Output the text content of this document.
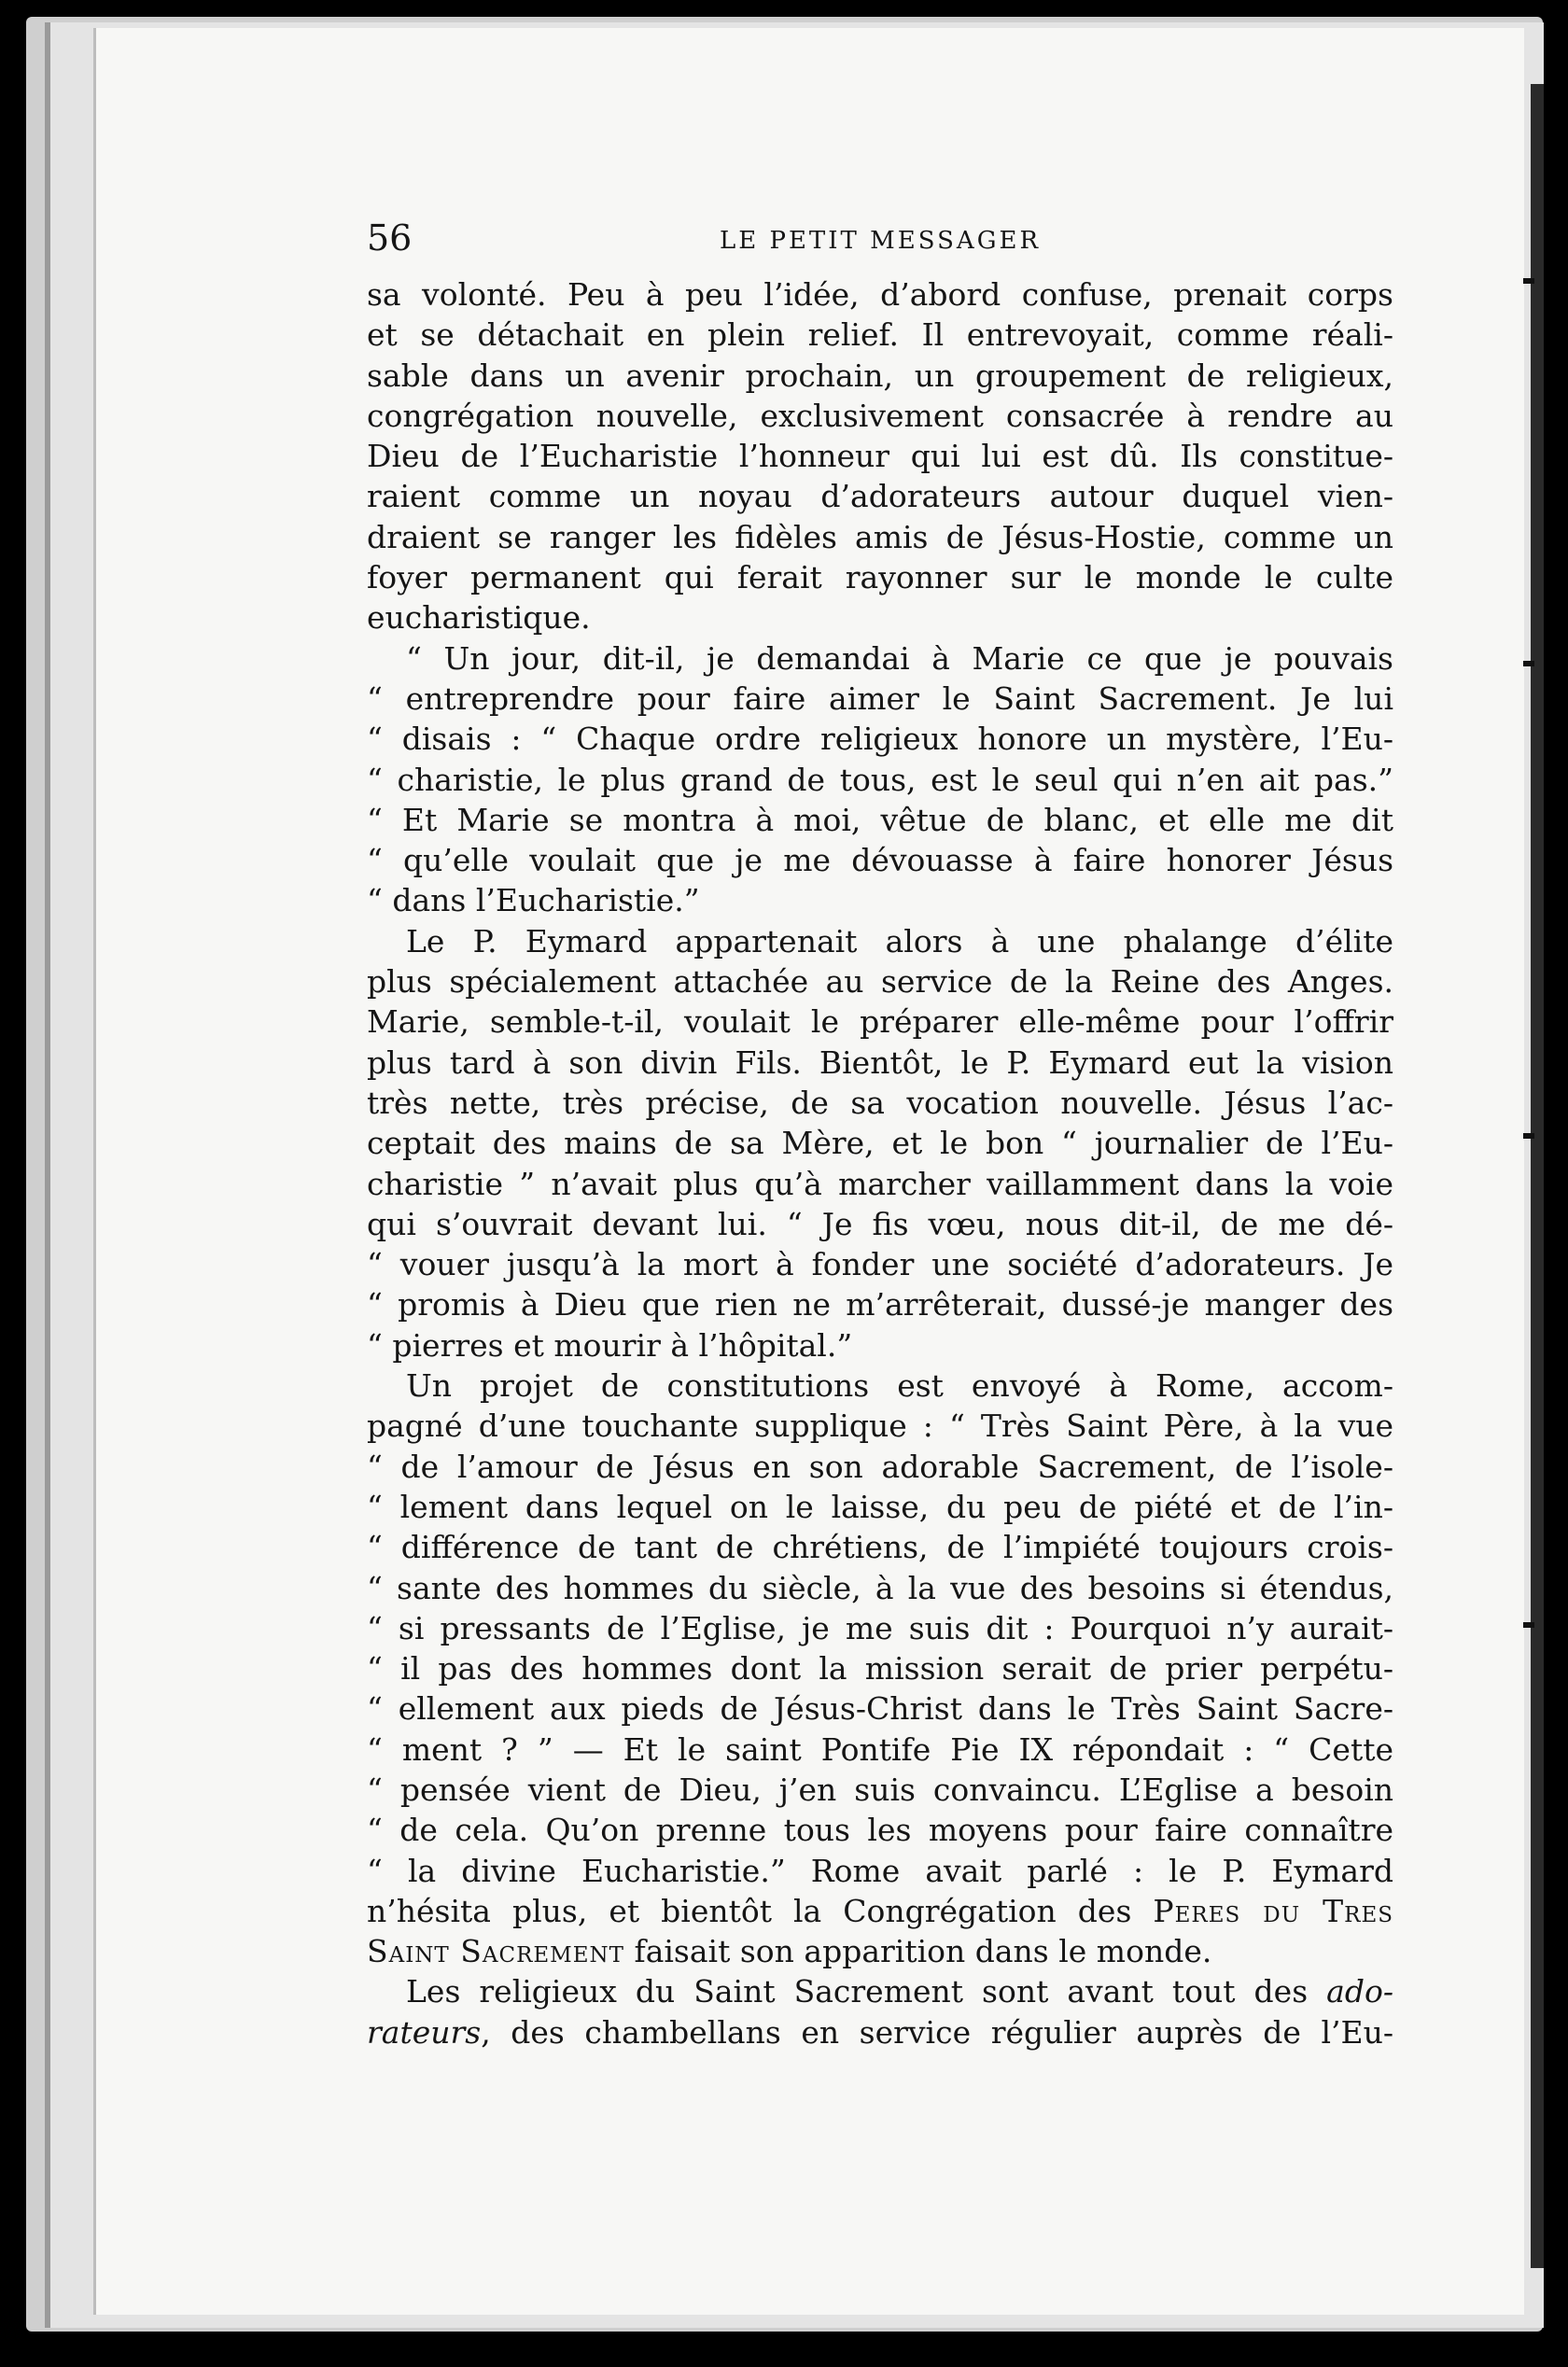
56	LE PETIT MESSAGER

sa volonté. Peu à peu l’idée, d’abord confuse, prenait corps
et se détachait en plein relief. Il entrevoyait, comme réali-
sable dans un avenir prochain, un groupement de religieux,
congrégation nouvelle, exclusivement consacrée à rendre au
Dieu de l’Eucharistie l’honneur qui lui est dû. Ils constitue-
raient comme un noyau d’adorateurs autour duquel vien-
draient se ranger les fidèles amis de Jésus-Hostie, comme un
foyer permanent qui ferait rayonner sur le monde le culte
eucharistique.

“ Un jour, dit-il, je demandai à Marie ce que je pouvais
“ entreprendre pour faire aimer le Saint Sacrement. Je lui
“ disais : “ Chaque ordre religieux honore un mystère, l’Eu-
“ charistie, le plus grand de tous, est le seul qui n’en ait pas.”
“ Et Marie se montra à moi, vêtue de blanc, et elle me dit
“ qu’elle voulait que je me dévouasse à faire honorer Jésus
“ dans l’Eucharistie.”

Le P. Eymard appartenait alors à une phalange d’élite
plus spécialement attachée au service de la Reine des Anges.
Marie, semble-t-il, voulait le préparer elle-même pour l’offrir
plus tard à son divin Fils. Bientôt, le P. Eymard eut la vision
très nette, très précise, de sa vocation nouvelle. Jésus l’ac-
ceptait des mains de sa Mère, et le bon “ journalier de l’Eu-
charistie ” n’avait plus qu’à marcher vaillamment dans la voie
qui s’ouvrait devant lui. “ Je fis vœu, nous dit-il, de me dé-
“ vouer jusqu’à la mort à fonder une société d’adorateurs. Je
“ promis à Dieu que rien ne m’arrêterait, dussé-je manger des
“ pierres et mourir à l’hôpital.”

Un projet de constitutions est envoyé à Rome, accom-
pagné d’une touchante supplique : “ Très Saint Père, à la vue
“ de l’amour de Jésus en son adorable Sacrement, de l’isole-
“ lement dans lequel on le laisse, du peu de piété et de l’in-
“ différence de tant de chrétiens, de l’impiété toujours crois-
“ sante des hommes du siècle, à la vue des besoins si étendus,
“ si pressants de l’Eglise, je me suis dit : Pourquoi n’y aurait-
“ il pas des hommes dont la mission serait de prier perpétu-
“ ellement aux pieds de Jésus-Christ dans le Très Saint Sacre-
“ ment ? ” — Et le saint Pontife Pie IX répondait : “ Cette
“ pensée vient de Dieu, j’en suis convaincu. L’Eglise a besoin
“ de cela. Qu’on prenne tous les moyens pour faire connaître
“ la divine Eucharistie.” Rome avait parlé : le P. Eymard
n’hésita plus, et bientôt la Congrégation des Peres du Tres
Saint Sacrement faisait son apparition dans le monde.

Les religieux du Saint Sacrement sont avant tout des ado-
rateurs, des chambellans en service régulier auprès de l’Eu-
